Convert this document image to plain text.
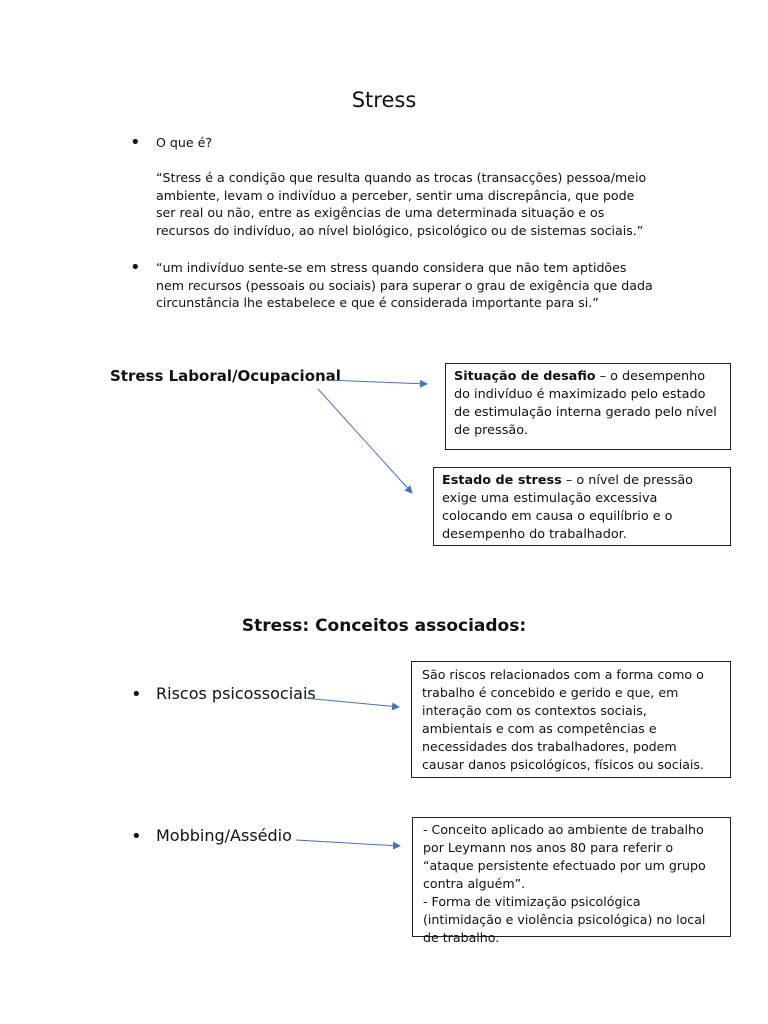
Stress
• O que é?
“Stress é a condição que resulta quando as trocas (transacções) pessoa/meio ambiente, levam o indivíduo a perceber, sentir uma discrepância, que pode ser real ou não, entre as exigências de uma determinada situação e os recursos do indivíduo, ao nível biológico, psicológico ou de sistemas sociais.”
• “um indivíduo sente-se em stress quando considera que não tem aptidões nem recursos (pessoais ou sociais) para superar o grau de exigência que dada circunstância lhe estabelece e que é considerada importante para si.”
Stress Laboral/Ocupacional	Situação de desafio – o desempenho do indivíduo é maximizado pelo estado de estimulação interna gerado pelo nível de pressão.
Estado de stress – o nível de pressão exige uma estimulação excessiva colocando em causa o equilíbrio e o desempenho do trabalhador.
Stress: Conceitos associados:
• Riscos psicossociais
São riscos relacionados com a forma como o trabalho é concebido e gerido e que, em interação com os contextos sociais, ambientais e com as competências e necessidades dos trabalhadores, podem causar danos psicológicos, físicos ou sociais.
• Mobbing/Assédio	- Conceito aplicado ao ambiente de trabalho por Leymann nos anos 80 para referir o “ataque persistente efectuado por um grupo contra alguém”.
- Forma de vitimização psicológica (intimidação e violência psicológica) no local de trabalho.
